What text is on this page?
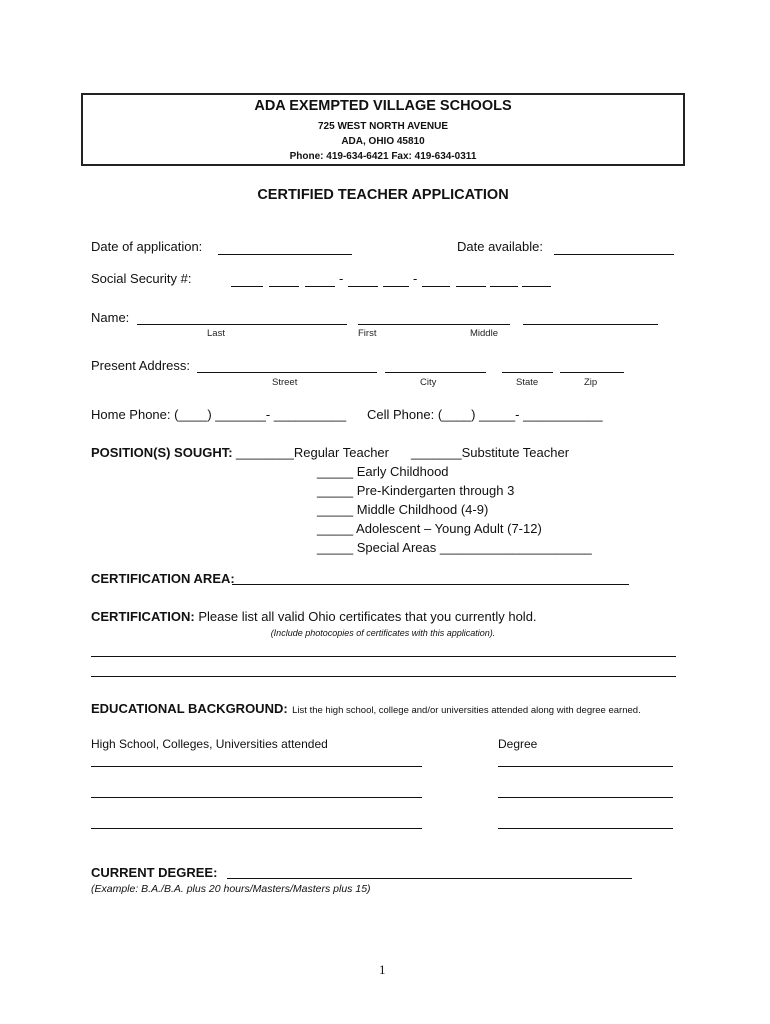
ADA EXEMPTED VILLAGE SCHOOLS
725 WEST NORTH AVENUE
ADA, OHIO 45810
Phone: 419-634-6421 Fax: 419-634-0311
CERTIFIED TEACHER APPLICATION
Date of application:	Date available:
Social Security #:	-	-
Name:
Last	First	Middle
Present Address:
Street	City	State	Zip
Home Phone: (____) _______- __________ Cell Phone: (____) _____- ___________
POSITION(S) SOUGHT: ________Regular Teacher _______Substitute Teacher
_____ Early Childhood
_____ Pre-Kindergarten through 3
_____ Middle Childhood (4-9)
_____ Adolescent – Young Adult (7-12)
_____ Special Areas _____________________
CERTIFICATION AREA:
CERTIFICATION: Please list all valid Ohio certificates that you currently hold.
(Include photocopies of certificates with this application).
EDUCATIONAL BACKGROUND: List the high school, college and/or universities attended along with degree earned.
High School, Colleges, Universities attended	Degree
CURRENT DEGREE:
(Example: B.A./B.A. plus 20 hours/Masters/Masters plus 15)
1
